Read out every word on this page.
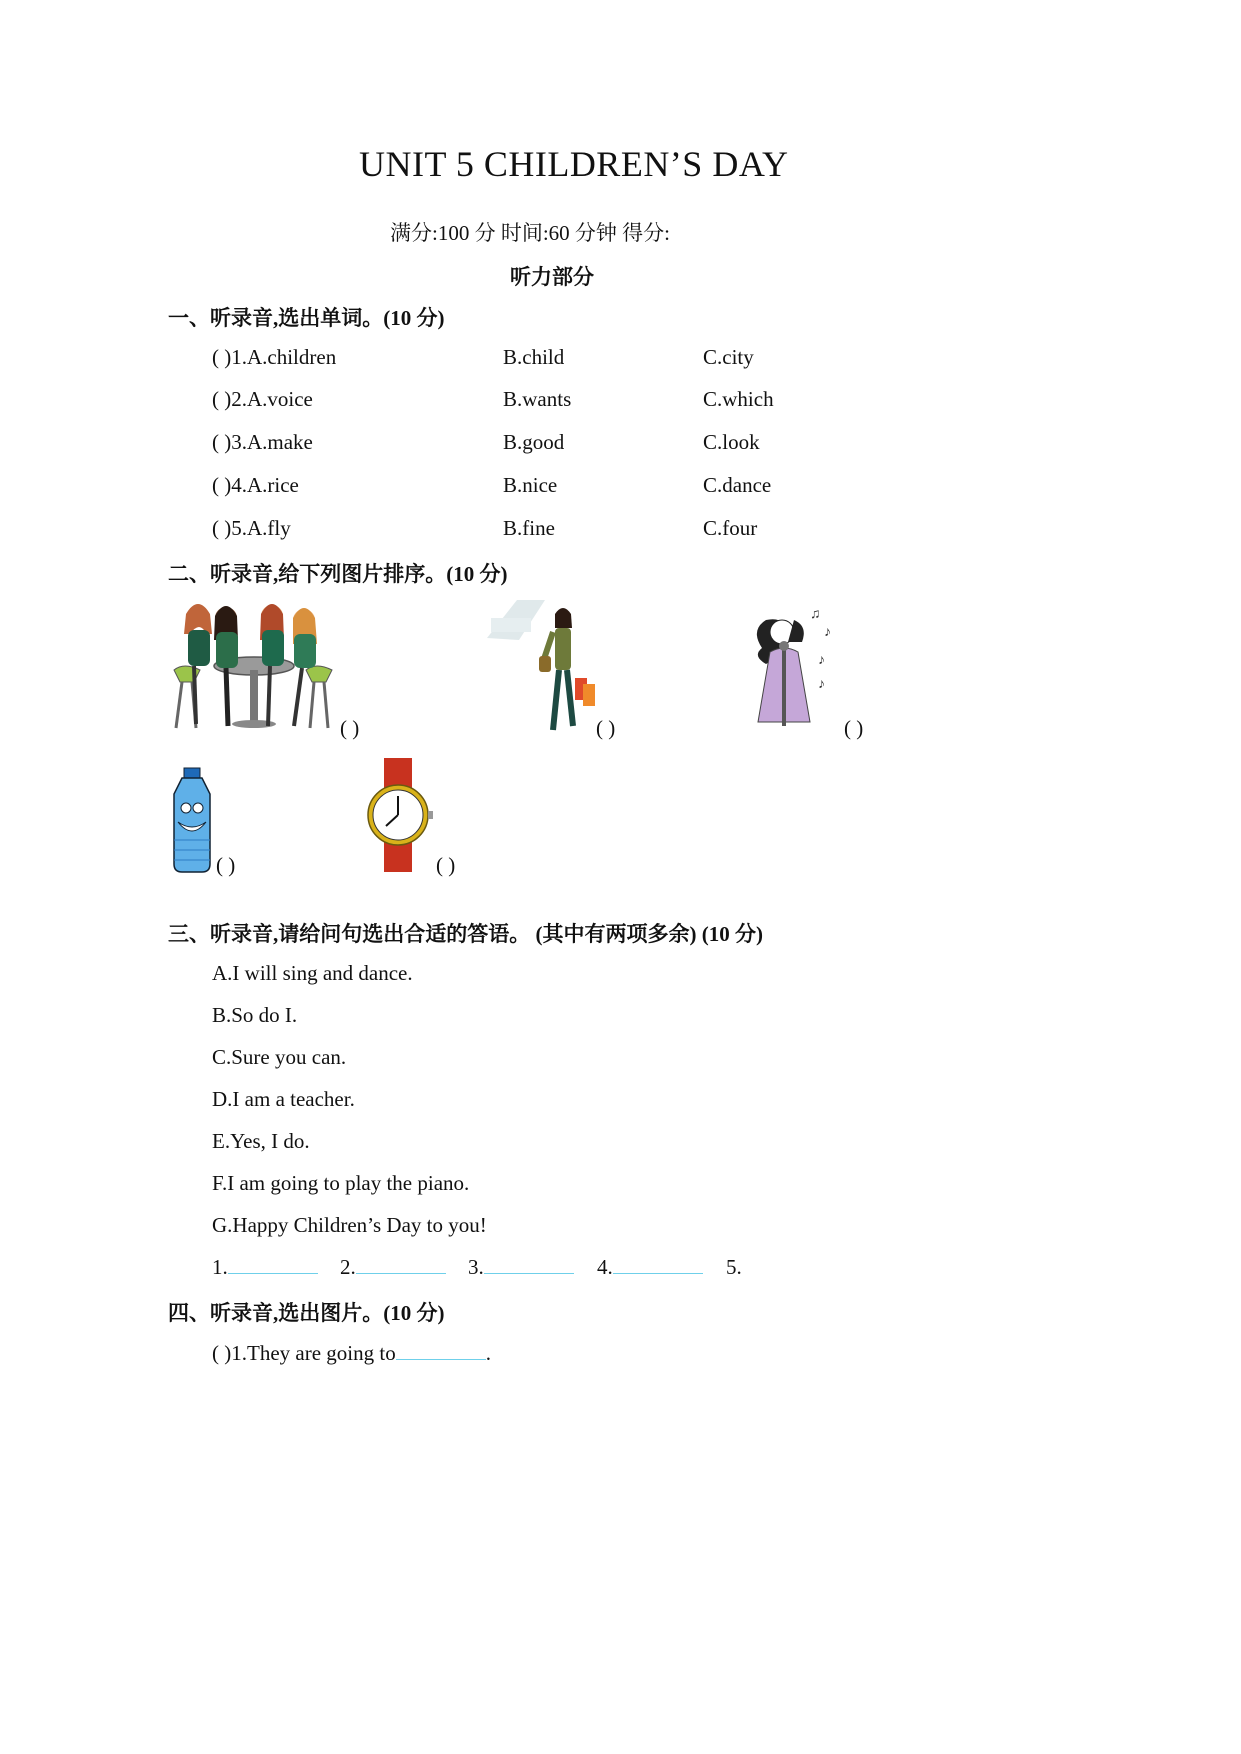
UNIT 5 CHILDREN’S DAY
满分:100 分 时间:60 分钟 得分:
听力部分
一、听录音,选出单词。(10 分)
( )1.A.children	B.child	C.city
( )2.A.voice	B.wants	C.which
( )3.A.make	B.good	C.look
( )4.A.rice	B.nice	C.dance
( )5.A.fly	B.fine	C.four
二、听录音,给下列图片排序。(10 分)
( )	( )
♫
♪
♪
♪
( )
( )	( )
三、听录音,请给问句选出合适的答语。 (其中有两项多余) (10 分)
A.I will sing and dance.
B.So do I.
C.Sure you can.
D.I am a teacher.
E.Yes, I do.
F.I am going to play the piano.
G.Happy Children’s Day to you!
1.	2.	3.	4.	5.
四、听录音,选出图片。(10 分)
( )1.They are going to	.
